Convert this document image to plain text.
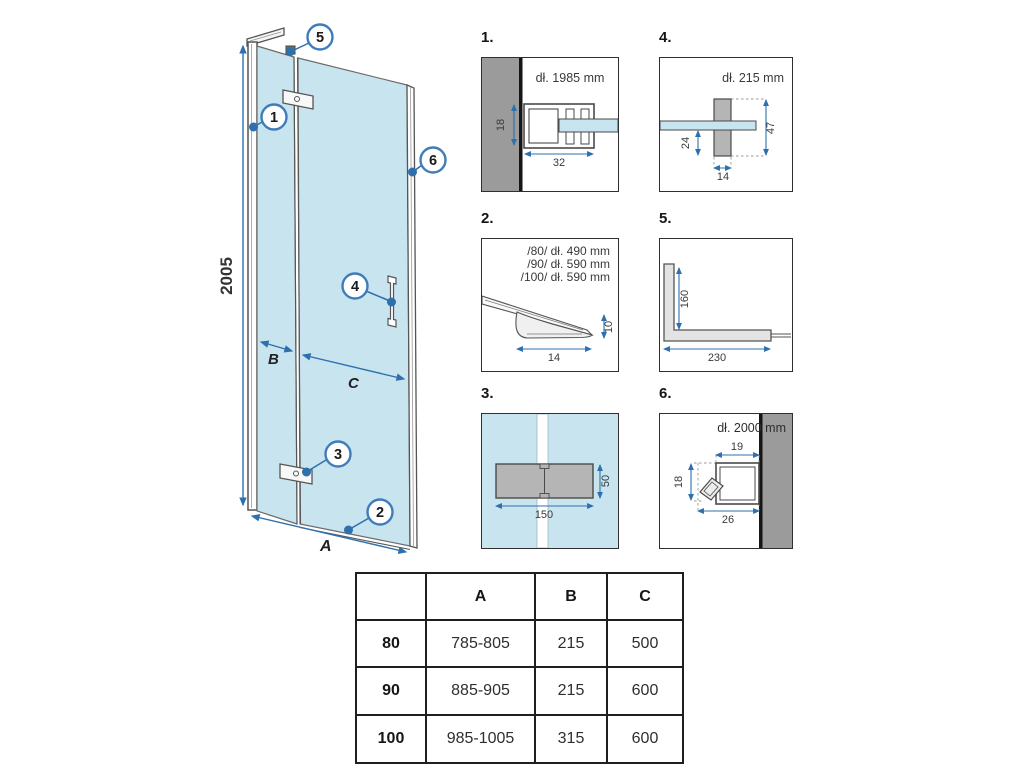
2005
A
B
C
1
2
3
4
5
6
1.
dł. 1985 mm
18
32
4.
dł. 215 mm
24
47
14
2.
/80/ dł. 490 mm
/90/ dł. 590 mm
/100/ dł. 590 mm
10
14
5.
160
230
3.
150
50
6.
dł. 2000 mm
19
18
26
	A	B	C
80	785-805	215	500
90	885-905	215	600
100	985-1005	315	600
